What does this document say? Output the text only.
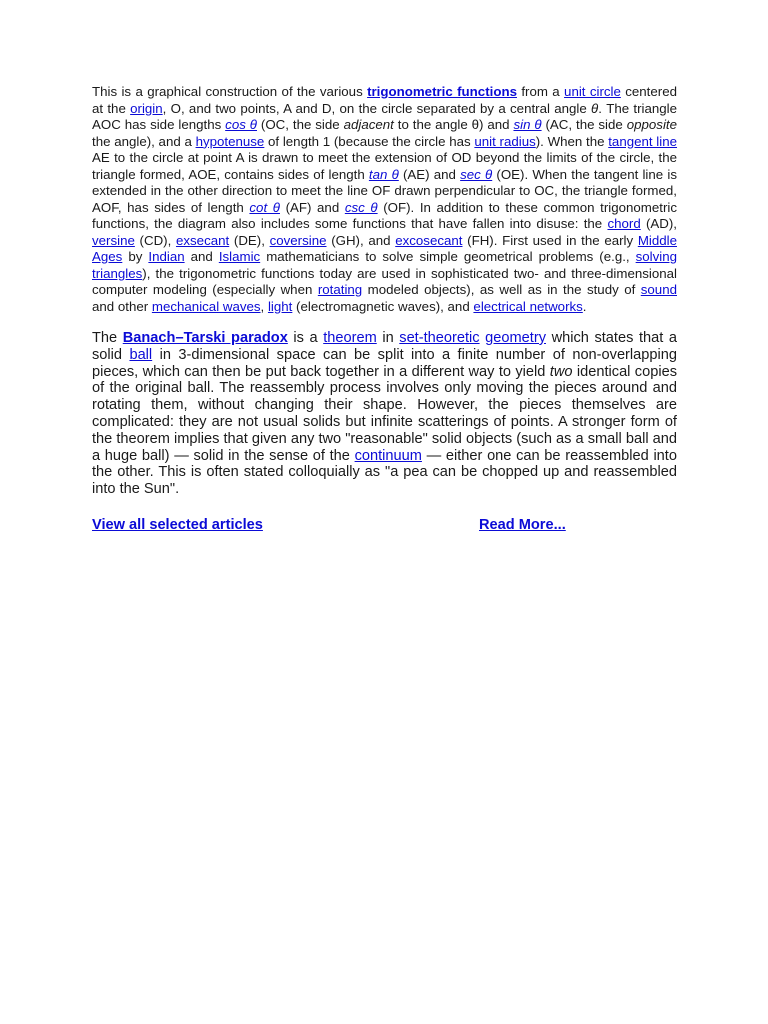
This is a graphical construction of the various trigonometric functions from a unit circle centered at the origin, O, and two points, A and D, on the circle separated by a central angle θ. The triangle AOC has side lengths cos θ (OC, the side adjacent to the angle θ) and sin θ (AC, the side opposite the angle), and a hypotenuse of length 1 (because the circle has unit radius). When the tangent line AE to the circle at point A is drawn to meet the extension of OD beyond the limits of the circle, the triangle formed, AOE, contains sides of length tan θ (AE) and sec θ (OE). When the tangent line is extended in the other direction to meet the line OF drawn perpendicular to OC, the triangle formed, AOF, has sides of length cot θ (AF) and csc θ (OF). In addition to these common trigonometric functions, the diagram also includes some functions that have fallen into disuse: the chord (AD), versine (CD), exsecant (DE), coversine (GH), and excosecant (FH). First used in the early Middle Ages by Indian and Islamic mathematicians to solve simple geometrical problems (e.g., solving triangles), the trigonometric functions today are used in sophisticated two- and three-dimensional computer modeling (especially when rotating modeled objects), as well as in the study of sound and other mechanical waves, light (electromagnetic waves), and electrical networks.

The Banach–Tarski paradox is a theorem in set-theoretic geometry which states that a solid ball in 3-dimensional space can be split into a finite number of non-overlapping pieces, which can then be put back together in a different way to yield two identical copies of the original ball. The reassembly process involves only moving the pieces around and rotating them, without changing their shape. However, the pieces themselves are complicated: they are not usual solids but infinite scatterings of points. A stronger form of the theorem implies that given any two "reasonable" solid objects (such as a small ball and a huge ball) — solid in the sense of the continuum — either one can be reassembled into the other. This is often stated colloquially as "a pea can be chopped up and reassembled into the Sun".

View all selected articles	Read More...
